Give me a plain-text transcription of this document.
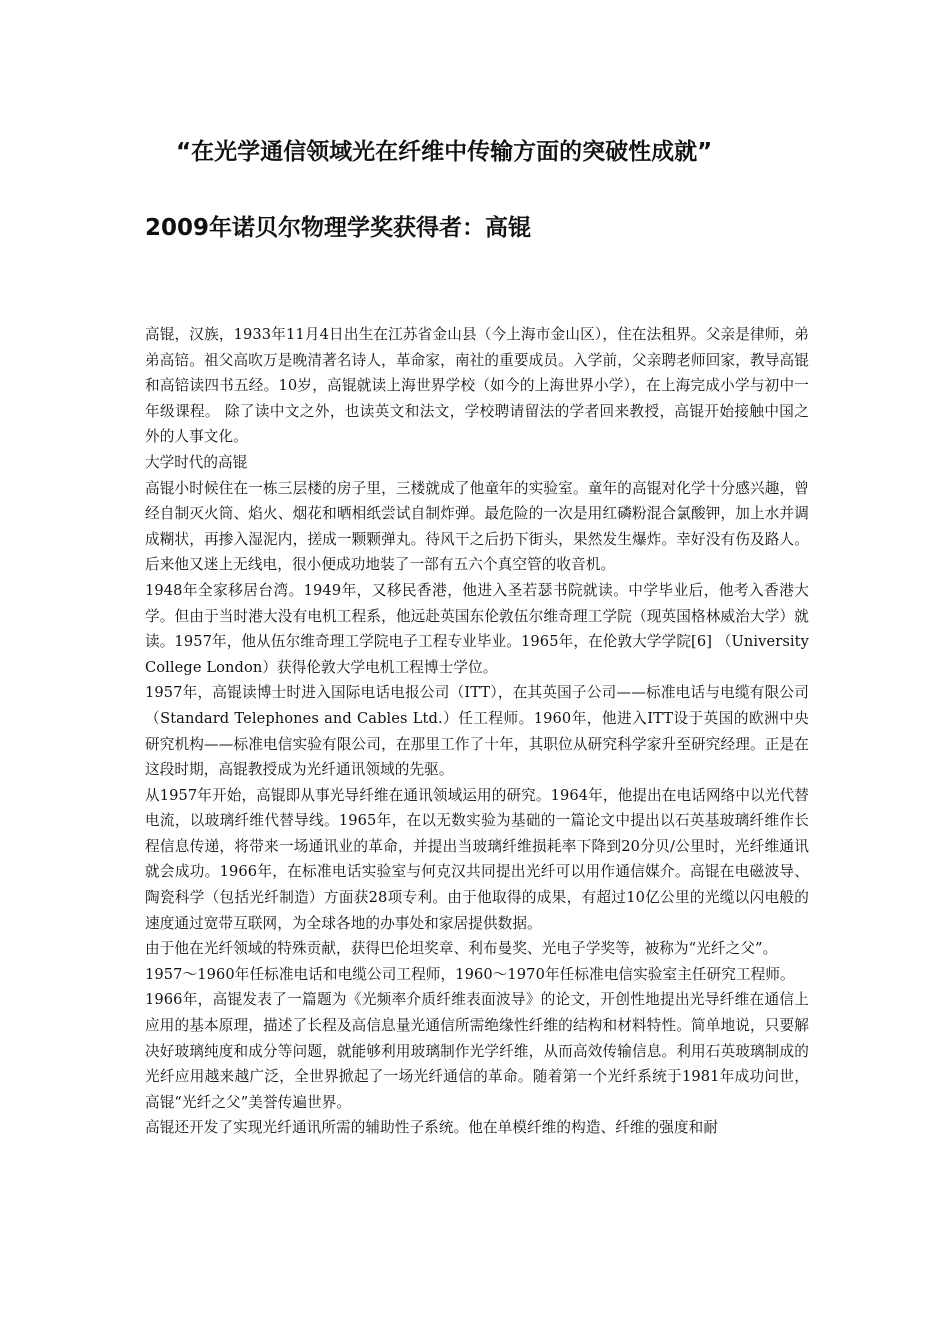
“在光学通信领域光在纤维中传输方面的突破性成就”
2009年诺贝尔物理学奖获得者：高锟

高锟，汉族，1933年11月4日出生在江苏省金山县（今上海市金山区），住在法租界。父亲是律师，弟弟高锫。祖父高吹万是晚清著名诗人，革命家，南社的重要成员。入学前，父亲聘老师回家，教导高锟和高锫读四书五经。10岁，高锟就读上海世界学校（如今的上海世界小学），在上海完成小学与初中一年级课程。 除了读中文之外，也读英文和法文，学校聘请留法的学者回来教授，高锟开始接触中国之外的人事文化。

大学时代的高锟

高锟小时候住在一栋三层楼的房子里，三楼就成了他童年的实验室。童年的高锟对化学十分感兴趣，曾经自制灭火筒、焰火、烟花和晒相纸尝试自制炸弹。最危险的一次是用红磷粉混合氯酸钾，加上水并调成糊状，再掺入湿泥内，搓成一颗颗弹丸。待风干之后扔下街头，果然发生爆炸。幸好没有伤及路人。后来他又迷上无线电，很小便成功地装了一部有五六个真空管的收音机。

1948年全家移居台湾。1949年，又移民香港，他进入圣若瑟书院就读。中学毕业后，他考入香港大学。但由于当时港大没有电机工程系，他远赴英国东伦敦伍尔维奇理工学院（现英国格林威治大学）就读。1957年，他从伍尔维奇理工学院电子工程专业毕业。1965年，在伦敦大学学院[6] （University College London）获得伦敦大学电机工程博士学位。

1957年，高锟读博士时进入国际电话电报公司（ITT），在其英国子公司——标准电话与电缆有限公司（Standard Telephones and Cables Ltd.）任工程师。1960年，他进入ITT设于英国的欧洲中央研究机构——标准电信实验有限公司，在那里工作了十年，其职位从研究科学家升至研究经理。正是在 这段时期，高锟教授成为光纤通讯领域的先驱。

从1957年开始，高锟即从事光导纤维在通讯领域运用的研究。1964年，他提出在电话网络中以光代替电流，以玻璃纤维代替导线。1965年，在以无数实验为基础的一篇论文中提出以石英基玻璃纤维作长程信息传递，将带来一场通讯业的革命，并提出当玻璃纤维损耗率下降到20分贝/公里时，光纤维通讯就会成功。1966年，在标准电话实验室与何克汉共同提出光纤可以用作通信媒介。高锟在电磁波导、陶瓷科学（包括光纤制造）方面获28项专利。由于他取得的成果，有超过10亿公里的光缆以闪电般的速度通过宽带互联网，为全球各地的办事处和家居提供数据。

由于他在光纤领域的特殊贡献，获得巴伦坦奖章、利布曼奖、光电子学奖等，被称为“光纤之父”。

1957～1960年任标准电话和电缆公司工程师，1960～1970年任标准电信实验室主任研究工程师。

1966年，高锟发表了一篇题为《光频率介质纤维表面波导》的论文，开创性地提出光导纤维在通信上应用的基本原理，描述了长程及高信息量光通信所需绝缘性纤维的结构和材料特性。简单地说，只要解决好玻璃纯度和成分等问题，就能够利用玻璃制作光学纤维，从而高效传输信息。利用石英玻璃制成的光纤应用越来越广泛，全世界掀起了一场光纤通信的革命。随着第一个光纤系统于1981年成功问世，高锟“光纤之父”美誉传遍世界。

高锟还开发了实现光纤通讯所需的辅助性子系统。他在单模纤维的构造、纤维的强度和耐
